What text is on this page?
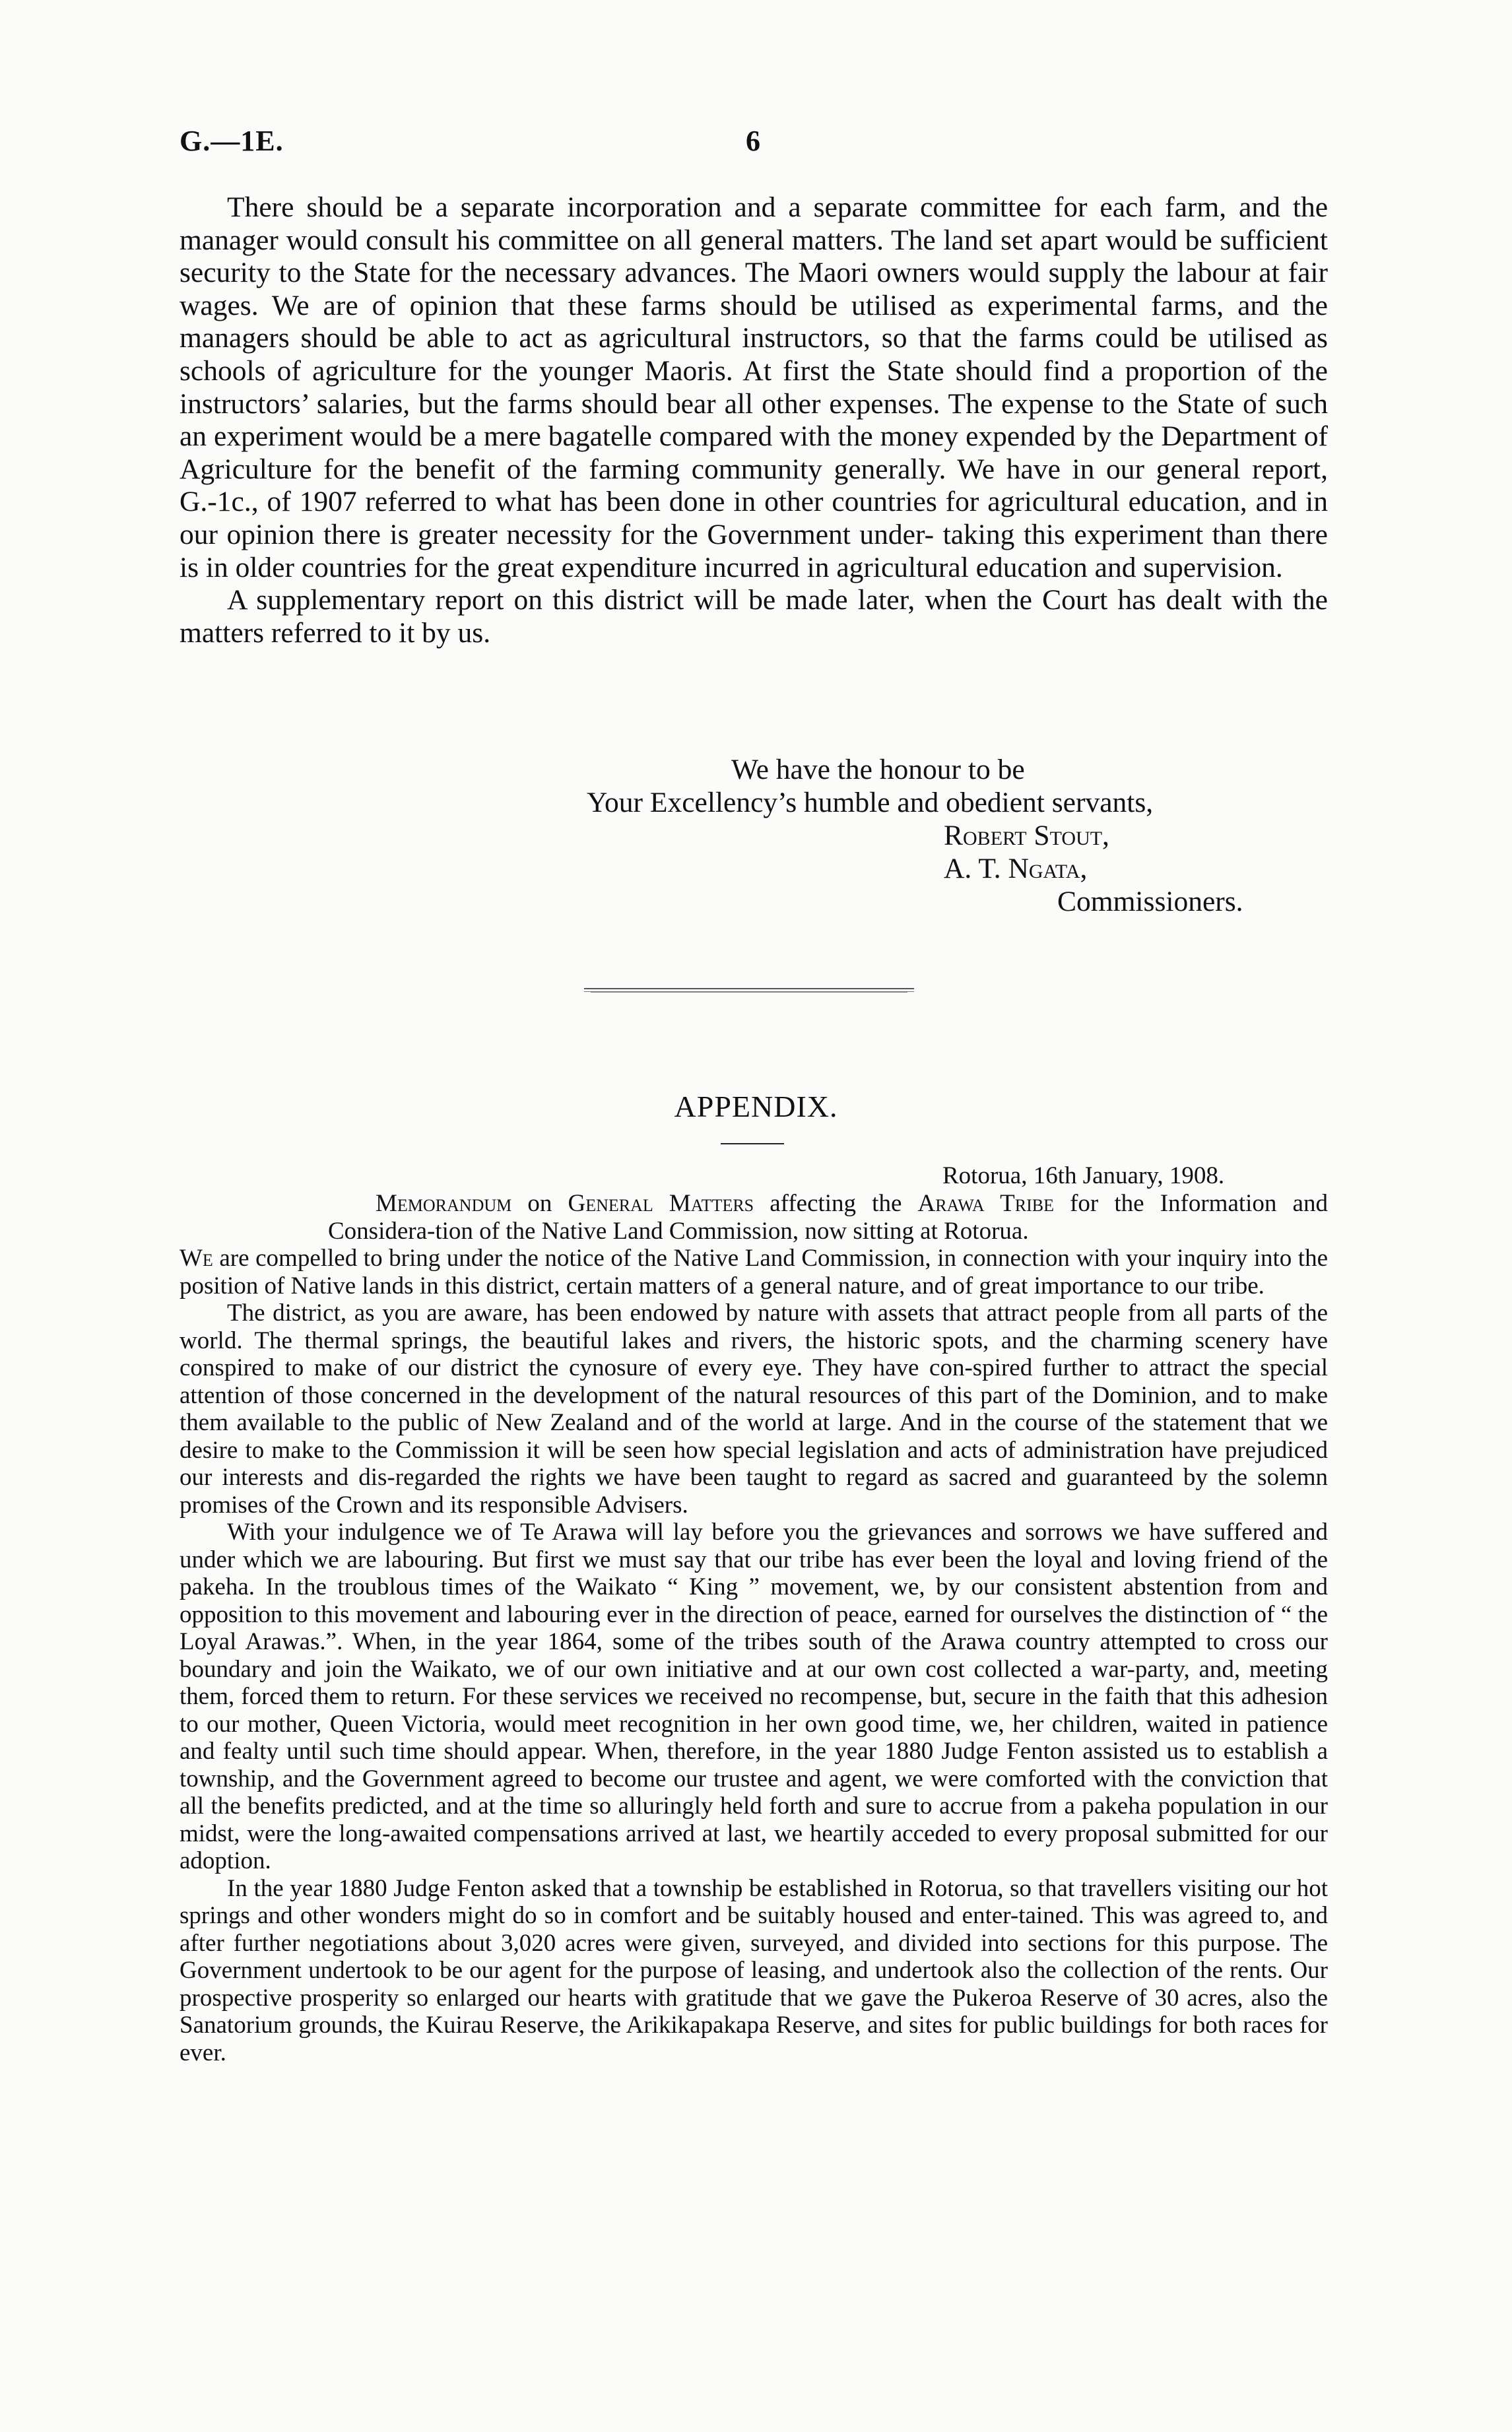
G.—1E.	6

There should be a separate incorporation and a separate committee for each farm, and the manager would consult his committee on all general matters. The land set apart would be sufficient security to the State for the necessary advances. The Maori owners would supply the labour at fair wages. We are of opinion that these farms should be utilised as experimental farms, and the managers should be able to act as agricultural instructors, so that the farms could be utilised as schools of agriculture for the younger Maoris. At first the State should find a proportion of the instructors’ salaries, but the farms should bear all other expenses. The expense to the State of such an experiment would be a mere bagatelle compared with the money expended by the Department of Agriculture for the benefit of the farming community generally. We have in our general report, G.-1c., of 1907 referred to what has been done in other countries for agricultural education, and in our opinion there is greater necessity for the Government under- taking this experiment than there is in older countries for the great expenditure incurred in agricultural education and supervision.

A supplementary report on this district will be made later, when the Court has dealt with the matters referred to it by us.

We have the honour to be
Your Excellency’s humble and obedient servants,
Robert Stout,
A. T. Ngata,
Commissioners.
APPENDIX.
Rotorua, 16th January, 1908.

Memorandum on General Matters affecting the Arawa Tribe for the Information and Considera-tion of the Native Land Commission, now sitting at Rotorua.

We are compelled to bring under the notice of the Native Land Commission, in connection with your inquiry into the position of Native lands in this district, certain matters of a general nature, and of great importance to our tribe.

The district, as you are aware, has been endowed by nature with assets that attract people from all parts of the world. The thermal springs, the beautiful lakes and rivers, the historic spots, and the charming scenery have conspired to make of our district the cynosure of every eye. They have con-spired further to attract the special attention of those concerned in the development of the natural resources of this part of the Dominion, and to make them available to the public of New Zealand and of the world at large. And in the course of the statement that we desire to make to the Commission it will be seen how special legislation and acts of administration have prejudiced our interests and dis-regarded the rights we have been taught to regard as sacred and guaranteed by the solemn promises of the Crown and its responsible Advisers.

With your indulgence we of Te Arawa will lay before you the grievances and sorrows we have suffered and under which we are labouring. But first we must say that our tribe has ever been the loyal and loving friend of the pakeha. In the troublous times of the Waikato “ King ” movement, we, by our consistent abstention from and opposition to this movement and labouring ever in the direction of peace, earned for ourselves the distinction of “ the Loyal Arawas.”. When, in the year 1864, some of the tribes south of the Arawa country attempted to cross our boundary and join the Waikato, we of our own initiative and at our own cost collected a war-party, and, meeting them, forced them to return. For these services we received no recompense, but, secure in the faith that this adhesion to our mother, Queen Victoria, would meet recognition in her own good time, we, her children, waited in patience and fealty until such time should appear. When, therefore, in the year 1880 Judge Fenton assisted us to establish a township, and the Government agreed to become our trustee and agent, we were comforted with the conviction that all the benefits predicted, and at the time so alluringly held forth and sure to accrue from a pakeha population in our midst, were the long-awaited compensations arrived at last, we heartily acceded to every proposal submitted for our adoption.

In the year 1880 Judge Fenton asked that a township be established in Rotorua, so that travellers visiting our hot springs and other wonders might do so in comfort and be suitably housed and enter-tained. This was agreed to, and after further negotiations about 3,020 acres were given, surveyed, and divided into sections for this purpose. The Government undertook to be our agent for the purpose of leasing, and undertook also the collection of the rents. Our prospective prosperity so enlarged our hearts with gratitude that we gave the Pukeroa Reserve of 30 acres, also the Sanatorium grounds, the Kuirau Reserve, the Arikikapakapa Reserve, and sites for public buildings for both races for ever.
